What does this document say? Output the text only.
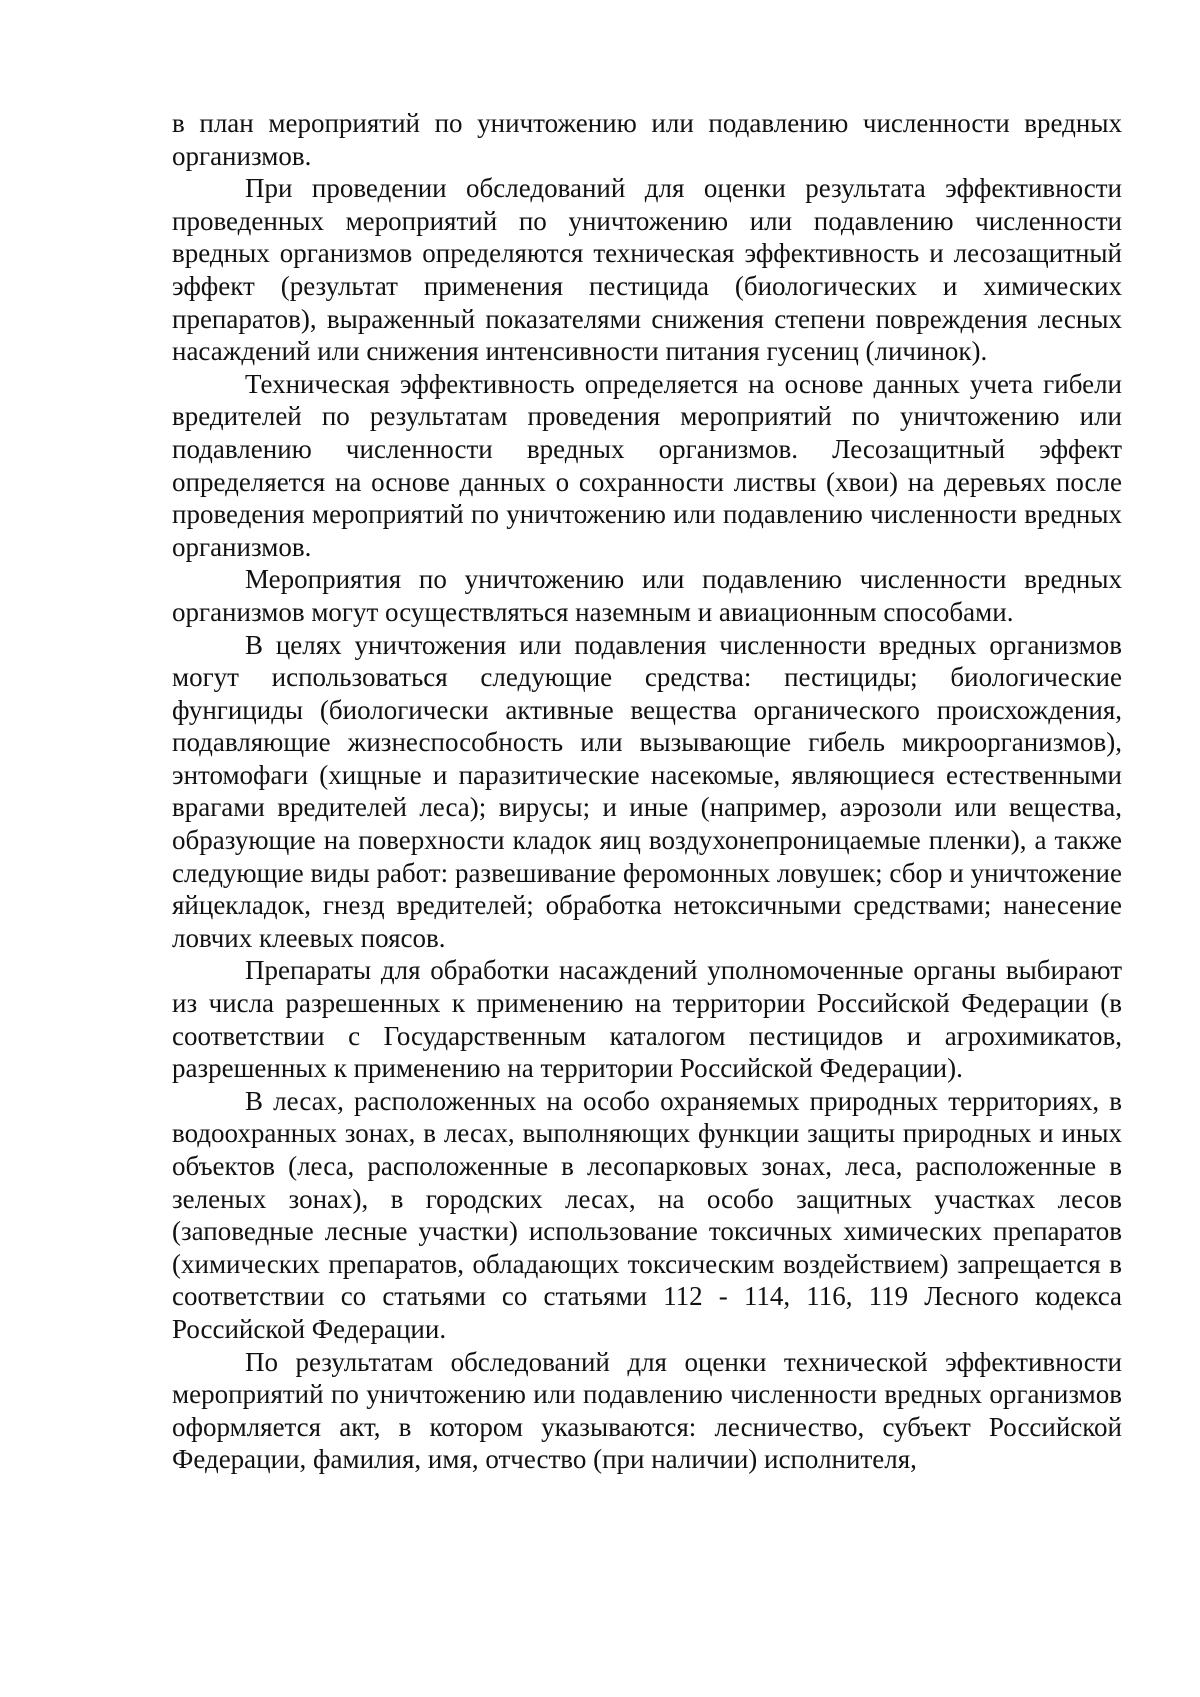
в план мероприятий по уничтожению или подавлению численности вредных организмов.

При проведении обследований для оценки результата эффективности проведенных мероприятий по уничтожению или подавлению численности вредных организмов определяются техническая эффективность и лесозащитный эффект (результат применения пестицида (биологических и химических препаратов), выраженный показателями снижения степени повреждения лесных насаждений или снижения интенсивности питания гусениц (личинок).

Техническая эффективность определяется на основе данных учета гибели вредителей по результатам проведения мероприятий по уничтожению или подавлению численности вредных организмов. Лесозащитный эффект определяется на основе данных о сохранности листвы (хвои) на деревьях после проведения мероприятий по уничтожению или подавлению численности вредных организмов.

Мероприятия по уничтожению или подавлению численности вредных организмов могут осуществляться наземным и авиационным способами.

В целях уничтожения или подавления численности вредных организмов могут использоваться следующие средства: пестициды; биологические фунгициды (биологически активные вещества органического происхождения, подавляющие жизнеспособность или вызывающие гибель микроорганизмов), энтомофаги (хищные и паразитические насекомые, являющиеся естественными врагами вредителей леса); вирусы; и иные (например, аэрозоли или вещества, образующие на поверхности кладок яиц воздухонепроницаемые пленки), а также следующие виды работ: развешивание феромонных ловушек; сбор и уничтожение яйцекладок, гнезд вредителей; обработка нетоксичными средствами; нанесение ловчих клеевых поясов.

Препараты для обработки насаждений уполномоченные органы выбирают из числа разрешенных к применению на территории Российской Федерации (в соответствии с Государственным каталогом пестицидов и агрохимикатов, разрешенных к применению на территории Российской Федерации).

В лесах, расположенных на особо охраняемых природных территориях, в водоохранных зонах, в лесах, выполняющих функции защиты природных и иных объектов (леса, расположенные в лесопарковых зонах, леса, расположенные в зеленых зонах), в городских лесах, на особо защитных участках лесов (заповедные лесные участки) использование токсичных химических препаратов (химических препаратов, обладающих токсическим воздействием) запрещается в соответствии со статьями со статьями 112 - 114, 116, 119 Лесного кодекса Российской Федерации.

По результатам обследований для оценки технической эффективности мероприятий по уничтожению или подавлению численности вредных организмов оформляется акт, в котором указываются: лесничество, субъект Российской Федерации, фамилия, имя, отчество (при наличии) исполнителя,
